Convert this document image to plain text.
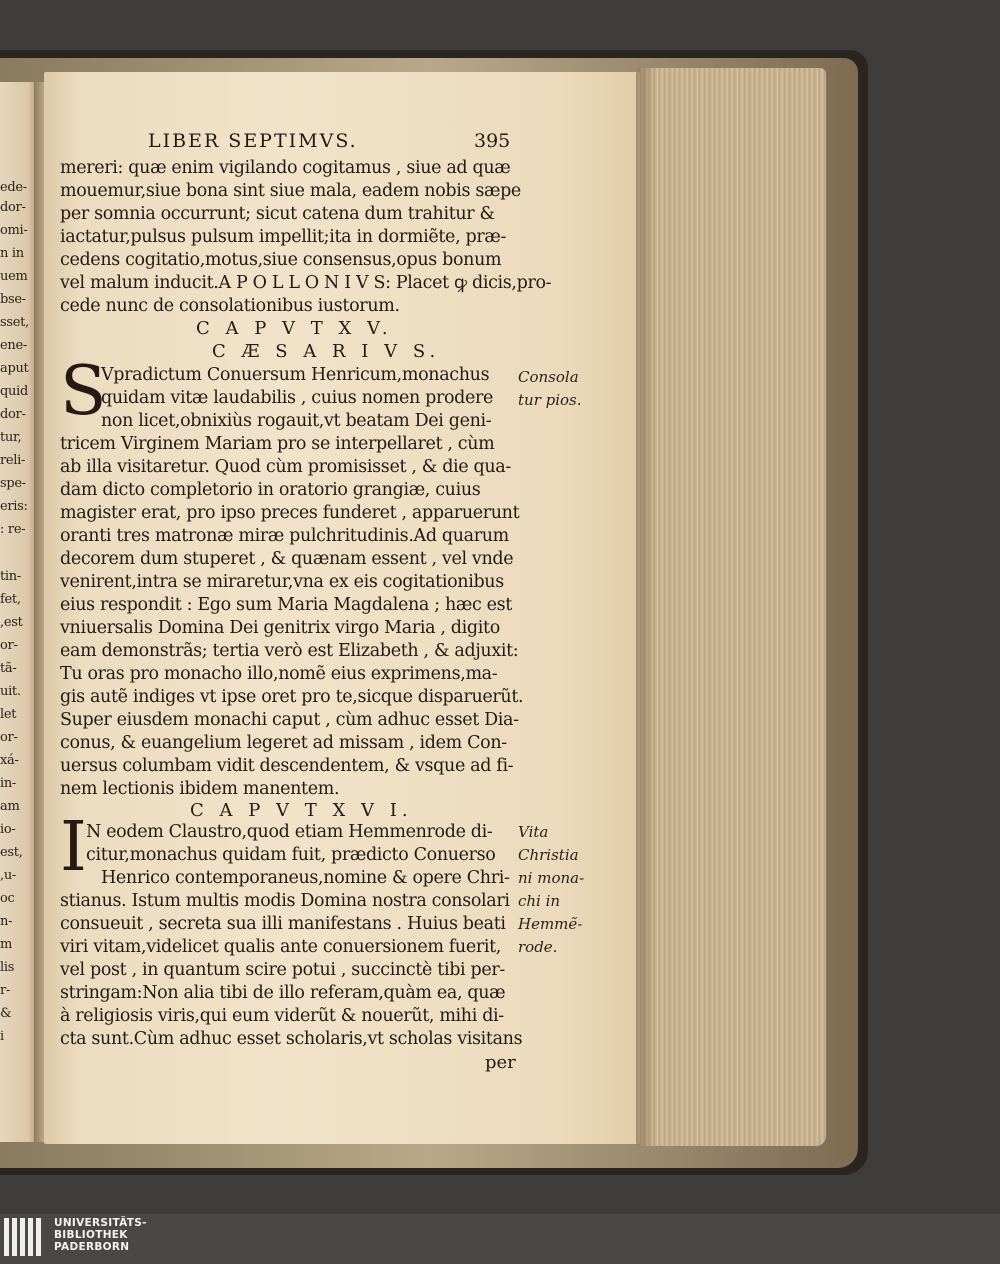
ede-
dor-
omi-
n in
uem
bse-
sset,
ene-
aput
quid
dor-
tur,
reli-
spe-
eris:
: re-
tin-
fet,
,est
or-
tã-
uit.
let
or-
xá-
in-
am
io-
est,
,u-
oc
n-
m
lis
r-
&
i
LIBER SEPTIMVS.	395
mereri: quæ enim vigilando cogitamus , siue ad quæ
mouemur,siue bona sint siue mala, eadem nobis sæpe
per somnia occurrunt; sicut catena dum trahitur &
iactatur,pulsus pulsum impellit;ita in dormiẽte, præ-
cedens cogitatio,motus,siue consensus,opus bonum
vel malum inducit.A P O L L O N I V S: Placet ꝙ dicis,pro-
cede nunc de consolationibus iustorum.
C A P V T X V.
C Æ S A R I V S.
S
Vpradictum Conuersum Henricum,monachus
quidam vitæ laudabilis , cuius nomen prodere
non licet,obnixiùs rogauit,vt beatam Dei geni-
tricem Virginem Mariam pro se interpellaret , cùm
ab illa visitaretur. Quod cùm promisisset , & die qua-
dam dicto completorio in oratorio grangiæ, cuius
magister erat, pro ipso preces funderet , apparuerunt
oranti tres matronæ miræ pulchritudinis.Ad quarum
decorem dum stuperet , & quænam essent , vel vnde
venirent,intra se miraretur,vna ex eis cogitationibus
eius respondit : Ego sum Maria Magdalena ; hæc est
vniuersalis Domina Dei genitrix virgo Maria , digito
eam demonstrãs; tertia verò est Elizabeth , & adjuxit:
Tu oras pro monacho illo,nomẽ eius exprimens,ma-
gis autẽ indiges vt ipse oret pro te,sicque disparuerũt.
Super eiusdem monachi caput , cùm adhuc esset Dia-
conus, & euangelium legeret ad missam , idem Con-
uersus columbam vidit descendentem, & vsque ad fi-
nem lectionis ibidem manentem.
C A P V T X V I.
I N eodem Claustro,quod etiam Hemmenrode di-
citur,monachus quidam fuit, prædicto Conuerso
Henrico contemporaneus,nomine & opere Chri-
stianus. Istum multis modis Domina nostra consolari
consueuit , secreta sua illi manifestans . Huius beati
viri vitam,videlicet qualis ante conuersionem fuerit,
vel post , in quantum scire potui , succinctè tibi per-
stringam:Non alia tibi de illo referam,quàm ea, quæ
à religiosis viris,qui eum viderũt & nouerũt, mihi di-
cta sunt.Cùm adhuc esset scholaris,vt scholas visitans
per
Consola
tur pios.
Vita
Christia
ni mona-
chi in
Hemmẽ-
rode.
UNIVERSITÄTS-
BIBLIOTHEK
PADERBORN
